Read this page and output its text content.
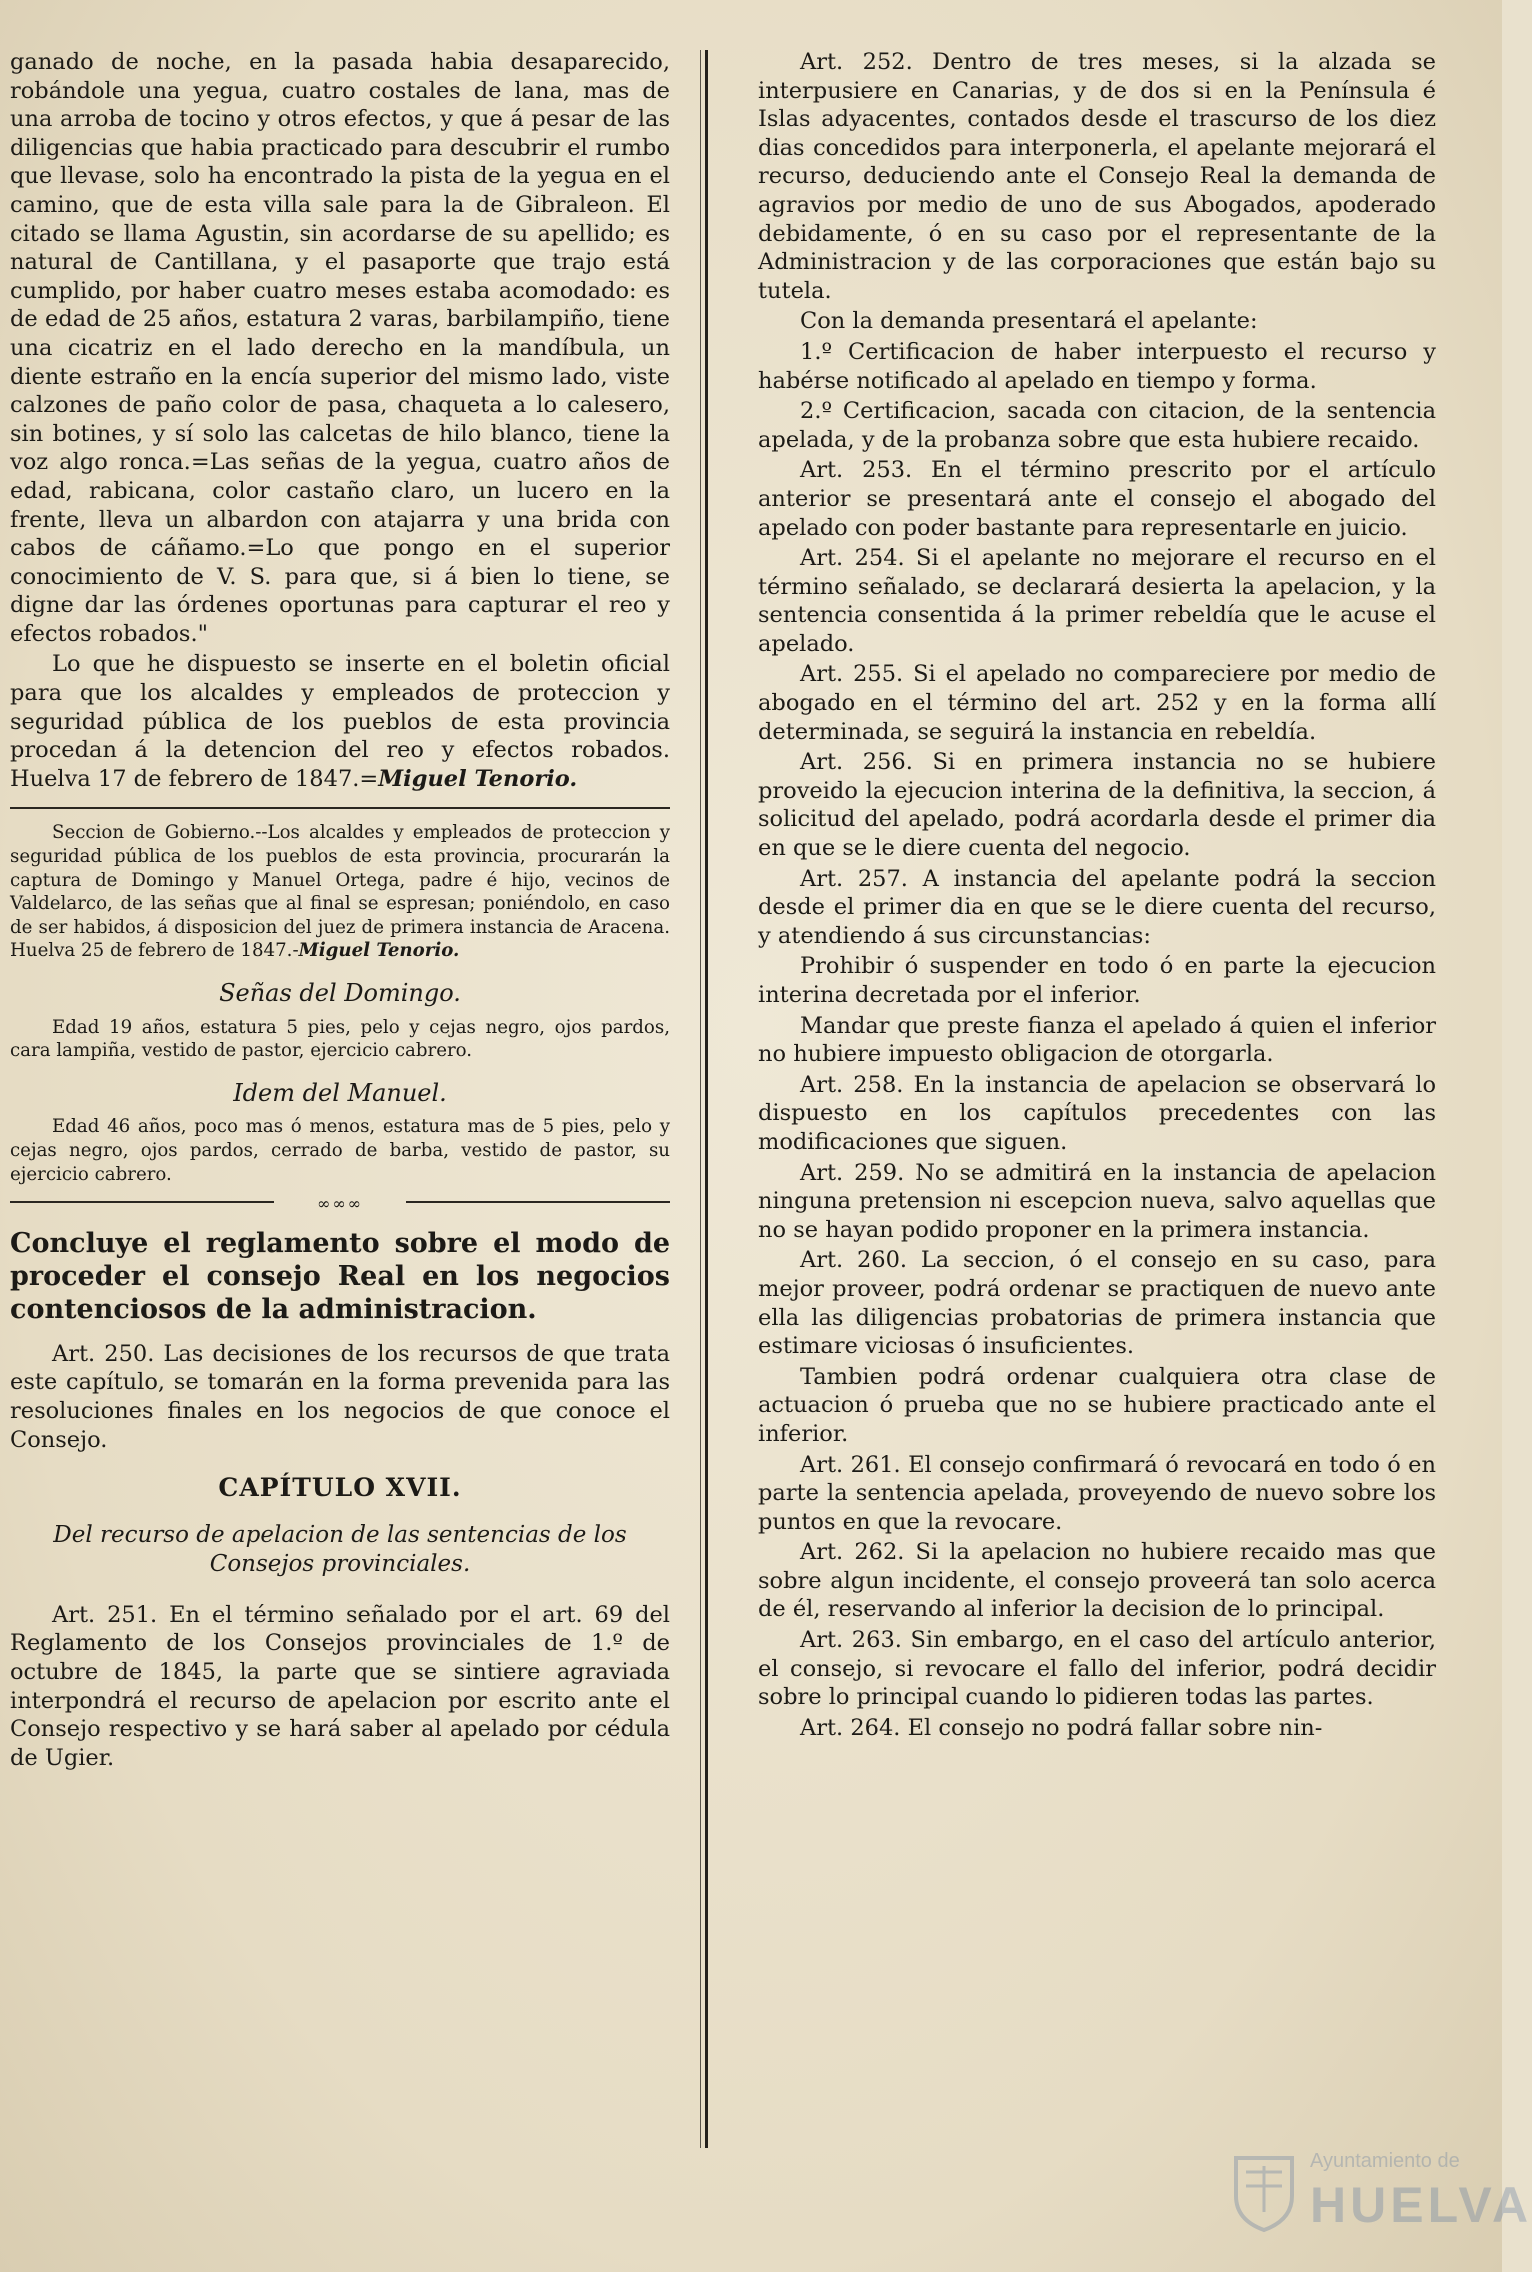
ganado de noche, en la pasada habia desaparecido, robándole una yegua, cuatro costales de lana, mas de una arroba de tocino y otros efectos, y que á pesar de las diligencias que habia practicado para descubrir el rumbo que llevase, solo ha encontrado la pista de la yegua en el camino, que de esta villa sale para la de Gibraleon. El citado se llama Agustin, sin acordarse de su apellido; es natural de Cantillana, y el pasaporte que trajo está cumplido, por haber cuatro meses estaba acomodado: es de edad de 25 años, estatura 2 varas, barbilampiño, tiene una cicatriz en el lado derecho en la mandíbula, un diente estraño en la encía superior del mismo lado, viste calzones de paño color de pasa, chaqueta a lo calesero, sin botines, y sí solo las calcetas de hilo blanco, tiene la voz algo ronca.=Las señas de la yegua, cuatro años de edad, rabicana, color castaño claro, un lucero en la frente, lleva un albardon con atajarra y una brida con cabos de cáñamo.=Lo que pongo en el superior conocimiento de V. S. para que, si á bien lo tiene, se digne dar las órdenes oportunas para capturar el reo y efectos robados."

Lo que he dispuesto se inserte en el boletin oficial para que los alcaldes y empleados de proteccion y seguridad pública de los pueblos de esta provincia procedan á la detencion del reo y efectos robados. Huelva 17 de febrero de 1847.=Miguel Tenorio.

Seccion de Gobierno.--Los alcaldes y empleados de proteccion y seguridad pública de los pueblos de esta provincia, procurarán la captura de Domingo y Manuel Ortega, padre é hijo, vecinos de Valdelarco, de las señas que al final se espresan; poniéndolo, en caso de ser habidos, á disposicion del juez de primera instancia de Aracena. Huelva 25 de febrero de 1847.-Miguel Tenorio.

Señas del Domingo.

Edad 19 años, estatura 5 pies, pelo y cejas negro, ojos pardos, cara lampiña, vestido de pastor, ejercicio cabrero.

Idem del Manuel.

Edad 46 años, poco mas ó menos, estatura mas de 5 pies, pelo y cejas negro, ojos pardos, cerrado de barba, vestido de pastor, su ejercicio cabrero.

∞∞∞
Concluye el reglamento sobre el modo de proceder el consejo Real en los negocios contenciosos de la administracion.

Art. 250. Las decisiones de los recursos de que trata este capítulo, se tomarán en la forma prevenida para las resoluciones finales en los negocios de que conoce el Consejo.

CAPÍTULO XVII.
Del recurso de apelacion de las sentencias de los Consejos provinciales.

Art. 251. En el término señalado por el art. 69 del Reglamento de los Consejos provinciales de 1.º de octubre de 1845, la parte que se sintiere agraviada interpondrá el recurso de apelacion por escrito ante el Consejo respectivo y se hará saber al apelado por cédula de Ugier.

Art. 252. Dentro de tres meses, si la alzada se interpusiere en Canarias, y de dos si en la Península é Islas adyacentes, contados desde el trascurso de los diez dias concedidos para interponerla, el apelante mejorará el recurso, deduciendo ante el Consejo Real la demanda de agravios por medio de uno de sus Abogados, apoderado debidamente, ó en su caso por el representante de la Administracion y de las corporaciones que están bajo su tutela.

Con la demanda presentará el apelante:

1.º Certificacion de haber interpuesto el recurso y habérse notificado al apelado en tiempo y forma.

2.º Certificacion, sacada con citacion, de la sentencia apelada, y de la probanza sobre que esta hubiere recaido.

Art. 253. En el término prescrito por el artículo anterior se presentará ante el consejo el abogado del apelado con poder bastante para representarle en juicio.

Art. 254. Si el apelante no mejorare el recurso en el término señalado, se declarará desierta la apelacion, y la sentencia consentida á la primer rebeldía que le acuse el apelado.

Art. 255. Si el apelado no compareciere por medio de abogado en el término del art. 252 y en la forma allí determinada, se seguirá la instancia en rebeldía.

Art. 256. Si en primera instancia no se hubiere proveido la ejecucion interina de la definitiva, la seccion, á solicitud del apelado, podrá acordarla desde el primer dia en que se le diere cuenta del negocio.

Art. 257. A instancia del apelante podrá la seccion desde el primer dia en que se le diere cuenta del recurso, y atendiendo á sus circunstancias:

Prohibir ó suspender en todo ó en parte la ejecucion interina decretada por el inferior.

Mandar que preste fianza el apelado á quien el inferior no hubiere impuesto obligacion de otorgarla.

Art. 258. En la instancia de apelacion se observará lo dispuesto en los capítulos precedentes con las modificaciones que siguen.

Art. 259. No se admitirá en la instancia de apelacion ninguna pretension ni escepcion nueva, salvo aquellas que no se hayan podido proponer en la primera instancia.

Art. 260. La seccion, ó el consejo en su caso, para mejor proveer, podrá ordenar se practiquen de nuevo ante ella las diligencias probatorias de primera instancia que estimare viciosas ó insuficientes.

Tambien podrá ordenar cualquiera otra clase de actuacion ó prueba que no se hubiere practicado ante el inferior.

Art. 261. El consejo confirmará ó revocará en todo ó en parte la sentencia apelada, proveyendo de nuevo sobre los puntos en que la revocare.

Art. 262. Si la apelacion no hubiere recaido mas que sobre algun incidente, el consejo proveerá tan solo acerca de él, reservando al inferior la decision de lo principal.

Art. 263. Sin embargo, en el caso del artículo anterior, el consejo, si revocare el fallo del inferior, podrá decidir sobre lo principal cuando lo pidieren todas las partes.

Art. 264. El consejo no podrá fallar sobre nin-

Ayuntamiento de
HUELVA
